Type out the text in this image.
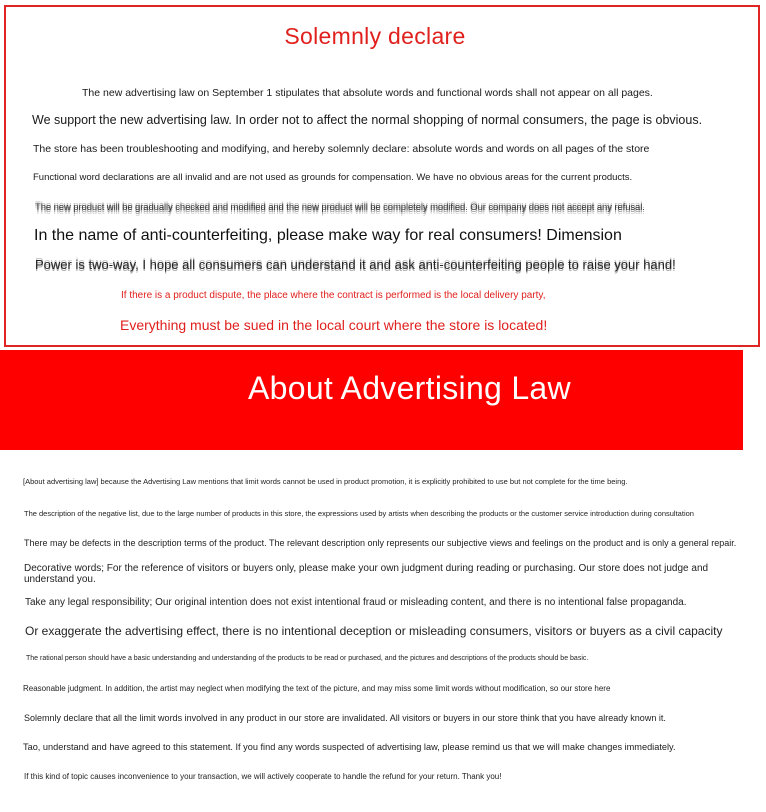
Solemnly declare
The new advertising law on September 1 stipulates that absolute words and functional words shall not appear on all pages.
We support the new advertising law. In order not to affect the normal shopping of normal consumers, the page is obvious.
The store has been troubleshooting and modifying, and hereby solemnly declare: absolute words and words on all pages of the store
Functional word declarations are all invalid and are not used as grounds for compensation. We have no obvious areas for the current products.
The new product will be gradually checked and modified and the new product will be completely modified. Our company does not accept any refusal.
In the name of anti-counterfeiting, please make way for real consumers! Dimension
Power is two-way, I hope all consumers can understand it and ask anti-counterfeiting people to raise your hand!
If there is a product dispute, the place where the contract is performed is the local delivery party,
Everything must be sued in the local court where the store is located!
About Advertising Law
[About advertising law] because the Advertising Law mentions that limit words cannot be used in product promotion, it is explicitly prohibited to use but not complete for the time being.
The description of the negative list, due to the large number of products in this store, the expressions used by artists when describing the products or the customer service introduction during consultation
There may be defects in the description terms of the product. The relevant description only represents our subjective views and feelings on the product and is only a general repair.
Decorative words; For the reference of visitors or buyers only, please make your own judgment during reading or purchasing. Our store does not judge and understand you.
Take any legal responsibility; Our original intention does not exist intentional fraud or misleading content, and there is no intentional false propaganda.
Or exaggerate the advertising effect, there is no intentional deception or misleading consumers, visitors or buyers as a civil capacity
The rational person should have a basic understanding and understanding of the products to be read or purchased, and the pictures and descriptions of the products should be basic.
Reasonable judgment. In addition, the artist may neglect when modifying the text of the picture, and may miss some limit words without modification, so our store here
Solemnly declare that all the limit words involved in any product in our store are invalidated. All visitors or buyers in our store think that you have already known it.
Tao, understand and have agreed to this statement. If you find any words suspected of advertising law, please remind us that we will make changes immediately.
If this kind of topic causes inconvenience to your transaction, we will actively cooperate to handle the refund for your return. Thank you!
